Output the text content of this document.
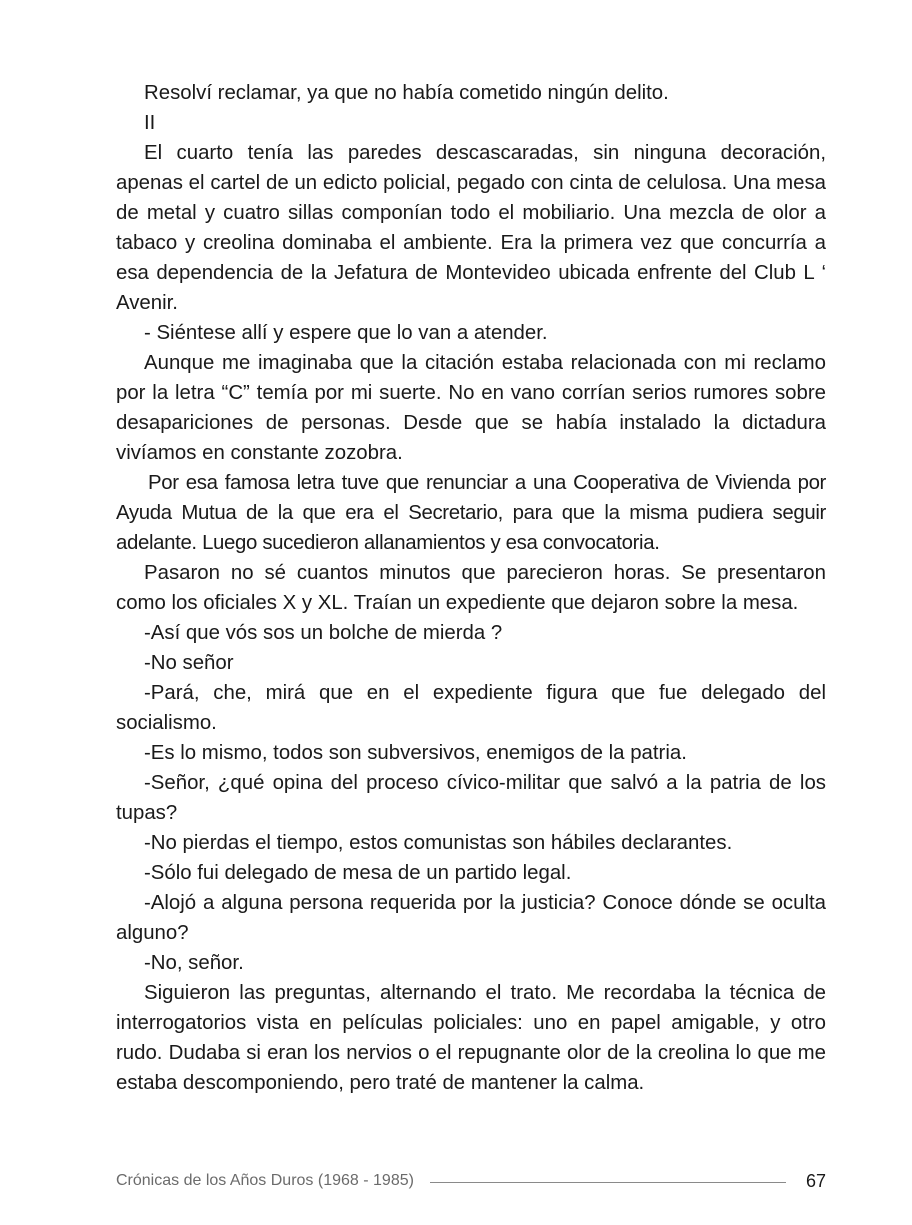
Resolví reclamar, ya que no había cometido ningún delito.

II

El cuarto tenía las paredes descascaradas, sin ninguna decoración, apenas el cartel de un edicto policial, pegado con cinta de celulosa. Una mesa de metal y cuatro sillas componían todo el mobiliario. Una mezcla de olor a tabaco y creolina dominaba el ambiente. Era la primera vez que concurría a esa dependencia de la Jefatura de Montevideo ubicada enfrente del Club L ‘ Avenir.

- Siéntese allí y espere que lo van a atender.

Aunque me imaginaba que la citación estaba relacionada con mi reclamo por la letra “C” temía por mi suerte. No en vano corrían serios rumores sobre desapariciones de personas. Desde que se había instalado la dictadura vivíamos en constante zozobra.

Por esa famosa letra tuve que renunciar a una Cooperativa de Vivienda por Ayuda Mutua de la que era el Secretario, para que la misma pudiera seguir adelante. Luego sucedieron allanamientos y esa convocatoria.

Pasaron no sé cuantos minutos que parecieron horas. Se presentaron como los oficiales X y XL. Traían un expediente que dejaron sobre la mesa.

-Así que vós sos un bolche de mierda ?

-No señor

-Pará, che, mirá que en el expediente figura que fue delegado del socialismo.

-Es lo mismo, todos son subversivos, enemigos de la patria.

-Señor, ¿qué opina del proceso cívico-militar que salvó a la patria de los tupas?

-No pierdas el tiempo, estos comunistas son hábiles declarantes.

-Sólo fui delegado de mesa de un partido legal.

-Alojó a alguna persona requerida por la justicia? Conoce dónde se oculta alguno?

-No, señor.

Siguieron las preguntas, alternando el trato. Me recordaba la técnica de interrogatorios vista en películas policiales: uno en papel amigable, y otro rudo. Dudaba si eran los nervios o el repugnante olor de la creolina lo que me estaba descomponiendo, pero traté de mantener la calma.

Crónicas de los Años Duros (1968 - 1985)	67
